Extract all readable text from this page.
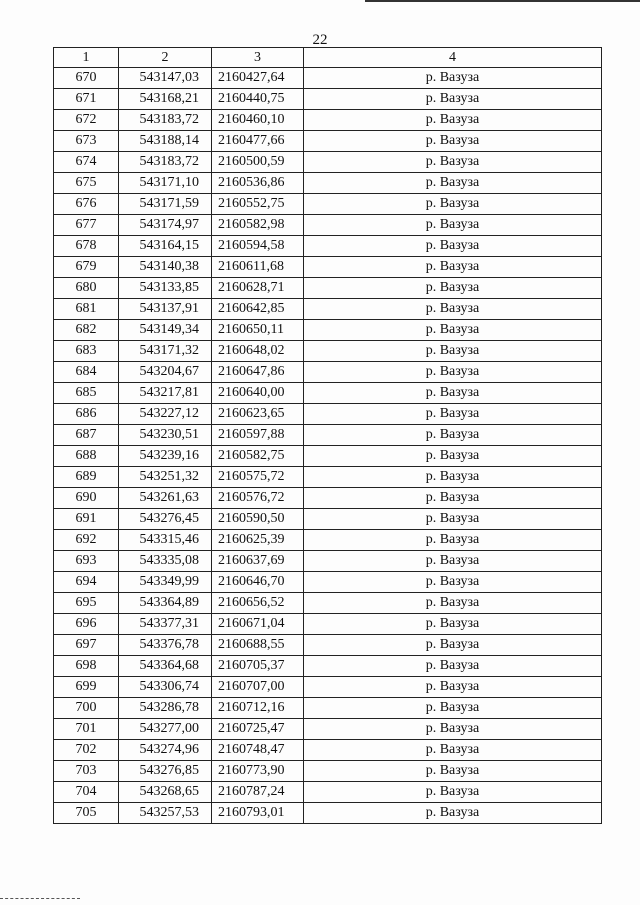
22
1	2	3	4
670	543147,03	2160427,64	р. Вазуза
671	543168,21	2160440,75	р. Вазуза
672	543183,72	2160460,10	р. Вазуза
673	543188,14	2160477,66	р. Вазуза
674	543183,72	2160500,59	р. Вазуза
675	543171,10	2160536,86	р. Вазуза
676	543171,59	2160552,75	р. Вазуза
677	543174,97	2160582,98	р. Вазуза
678	543164,15	2160594,58	р. Вазуза
679	543140,38	2160611,68	р. Вазуза
680	543133,85	2160628,71	р. Вазуза
681	543137,91	2160642,85	р. Вазуза
682	543149,34	2160650,11	р. Вазуза
683	543171,32	2160648,02	р. Вазуза
684	543204,67	2160647,86	р. Вазуза
685	543217,81	2160640,00	р. Вазуза
686	543227,12	2160623,65	р. Вазуза
687	543230,51	2160597,88	р. Вазуза
688	543239,16	2160582,75	р. Вазуза
689	543251,32	2160575,72	р. Вазуза
690	543261,63	2160576,72	р. Вазуза
691	543276,45	2160590,50	р. Вазуза
692	543315,46	2160625,39	р. Вазуза
693	543335,08	2160637,69	р. Вазуза
694	543349,99	2160646,70	р. Вазуза
695	543364,89	2160656,52	р. Вазуза
696	543377,31	2160671,04	р. Вазуза
697	543376,78	2160688,55	р. Вазуза
698	543364,68	2160705,37	р. Вазуза
699	543306,74	2160707,00	р. Вазуза
700	543286,78	2160712,16	р. Вазуза
701	543277,00	2160725,47	р. Вазуза
702	543274,96	2160748,47	р. Вазуза
703	543276,85	2160773,90	р. Вазуза
704	543268,65	2160787,24	р. Вазуза
705	543257,53	2160793,01	р. Вазуза
